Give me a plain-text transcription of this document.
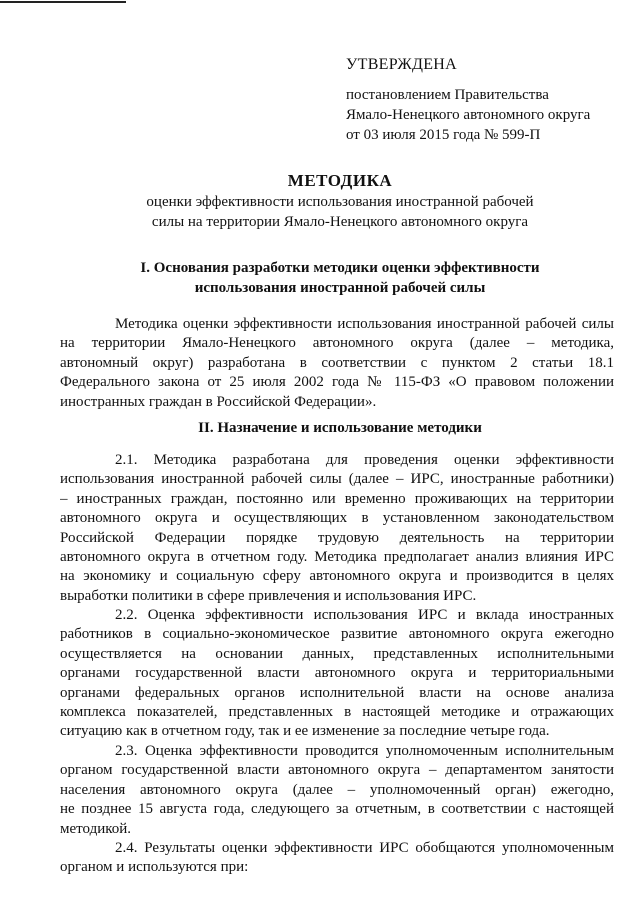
УТВЕРЖДЕНА
постановлением Правительства
Ямало-Ненецкого автономного округа
от 03 июля 2015 года № 599-П
МЕТОДИКА
оценки эффективности использования иностранной рабочей
силы на территории Ямало-Ненецкого автономного округа
I. Основания разработки методики оценки эффективности
использования иностранной рабочей силы
Методика оценки эффективности использования иностранной рабочей силы
на территории Ямало-Ненецкого автономного округа (далее – методика,
автономный округ) разработана в соответствии с пунктом 2 статьи 18.1
Федерального закона от 25 июля 2002 года № 115-ФЗ «О правовом положении
иностранных граждан в Российской Федерации».
II. Назначение и использование методики
2.1. Методика разработана для проведения оценки эффективности
использования иностранной рабочей силы (далее – ИРС, иностранные работники)
– иностранных граждан, постоянно или временно проживающих на территории
автономного округа и осуществляющих в установленном законодательством
Российской Федерации порядке трудовую деятельность на территории
автономного округа в отчетном году. Методика предполагает анализ влияния ИРС
на экономику и социальную сферу автономного округа и производится в целях
выработки политики в сфере привлечения и использования ИРС.
2.2. Оценка эффективности использования ИРС и вклада иностранных
работников в социально-экономическое развитие автономного округа ежегодно
осуществляется на основании данных, представленных исполнительными
органами государственной власти автономного округа и территориальными
органами федеральных органов исполнительной власти на основе анализа
комплекса показателей, представленных в настоящей методике и отражающих
ситуацию как в отчетном году, так и ее изменение за последние четыре года.
2.3. Оценка эффективности проводится уполномоченным исполнительным
органом государственной власти автономного округа – департаментом занятости
населения автономного округа (далее – уполномоченный орган) ежегодно,
не позднее 15 августа года, следующего за отчетным, в соответствии с настоящей
методикой.
2.4. Результаты оценки эффективности ИРС обобщаются уполномоченным
органом и используются при:
